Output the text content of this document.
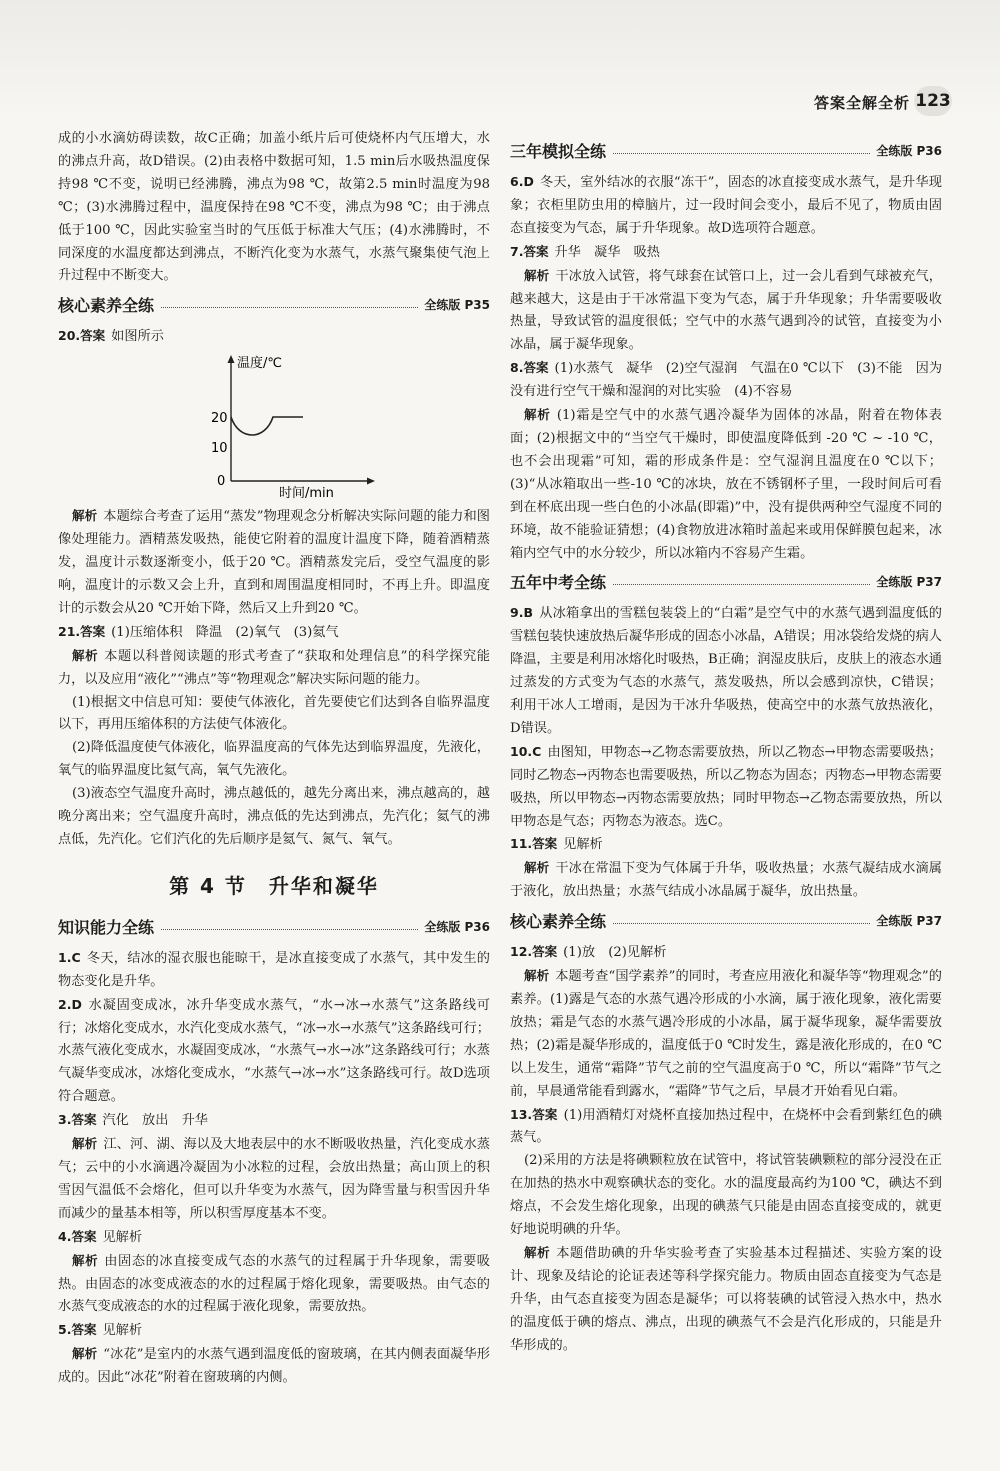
答案全解全析 123

成的小水滴妨碍读数，故C正确；加盖小纸片后可使烧杯内气压增大，水的沸点升高，故D错误。(2)由表格中数据可知，1.5 min后水吸热温度保持98 ℃不变，说明已经沸腾，沸点为98 ℃，故第2.5 min时温度为98 ℃；(3)水沸腾过程中，温度保持在98 ℃不变，沸点为98 ℃；由于沸点低于100 ℃，因此实验室当时的气压低于标准大气压；(4)水沸腾时，不同深度的水温度都达到沸点，不断汽化变为水蒸气，水蒸气聚集使气泡上升过程中不断变大。

核心素养全练	全练版 P35

20.答案 如图所示

温度/℃
20
10
0
时间/min

解析 本题综合考查了运用“蒸发”物理观念分析解决实际问题的能力和图像处理能力。酒精蒸发吸热，能使它附着的温度计温度下降，随着酒精蒸发，温度计示数逐渐变小，低于20 ℃。酒精蒸发完后，受空气温度的影响，温度计的示数又会上升，直到和周围温度相同时，不再上升。即温度计的示数会从20 ℃开始下降，然后又上升到20 ℃。

21.答案 (1)压缩体积　降温　(2)氧气　(3)氦气

解析 本题以科普阅读题的形式考查了“获取和处理信息”的科学探究能力，以及应用“液化”“沸点”等“物理观念”解决实际问题的能力。

(1)根据文中信息可知：要使气体液化，首先要使它们达到各自临界温度以下，再用压缩体积的方法使气体液化。

(2)降低温度使气体液化，临界温度高的气体先达到临界温度，先液化，氧气的临界温度比氦气高，氧气先液化。

(3)液态空气温度升高时，沸点越低的，越先分离出来，沸点越高的，越晚分离出来；空气温度升高时，沸点低的先达到沸点，先汽化；氦气的沸点低，先汽化。它们汽化的先后顺序是氦气、氮气、氧气。

第 4 节　升华和凝华
知识能力全练	全练版 P36

1.C 冬天，结冰的湿衣服也能晾干，是冰直接变成了水蒸气，其中发生的物态变化是升华。

2.D 水凝固变成冰，冰升华变成水蒸气，“水→冰→水蒸气”这条路线可行；冰熔化变成水，水汽化变成水蒸气，“冰→水→水蒸气”这条路线可行；水蒸气液化变成水，水凝固变成冰，“水蒸气→水→冰”这条路线可行；水蒸气凝华变成冰，冰熔化变成水，“水蒸气→冰→水”这条路线可行。故D选项符合题意。

3.答案 汽化　放出　升华

解析 江、河、湖、海以及大地表层中的水不断吸收热量，汽化变成水蒸气；云中的小水滴遇冷凝固为小冰粒的过程，会放出热量；高山顶上的积雪因气温低不会熔化，但可以升华变为水蒸气，因为降雪量与积雪因升华而减少的量基本相等，所以积雪厚度基本不变。

4.答案 见解析

解析 由固态的冰直接变成气态的水蒸气的过程属于升华现象，需要吸热。由固态的冰变成液态的水的过程属于熔化现象，需要吸热。由气态的水蒸气变成液态的水的过程属于液化现象，需要放热。

5.答案 见解析

解析 “冰花”是室内的水蒸气遇到温度低的窗玻璃，在其内侧表面凝华形成的。因此“冰花”附着在窗玻璃的内侧。

三年模拟全练	全练版 P36

6.D 冬天，室外结冰的衣服“冻干”，固态的冰直接变成水蒸气，是升华现象；衣柜里防虫用的樟脑片，过一段时间会变小，最后不见了，物质由固态直接变为气态，属于升华现象。故D选项符合题意。

7.答案 升华　凝华　吸热

解析 干冰放入试管，将气球套在试管口上，过一会儿看到气球被充气，越来越大，这是由于干冰常温下变为气态，属于升华现象；升华需要吸收热量，导致试管的温度很低；空气中的水蒸气遇到冷的试管，直接变为小冰晶，属于凝华现象。

8.答案 (1)水蒸气　凝华　(2)空气湿润　气温在0 ℃以下　(3)不能　因为没有进行空气干燥和湿润的对比实验　(4)不容易

解析 (1)霜是空气中的水蒸气遇冷凝华为固体的冰晶，附着在物体表面；(2)根据文中的“当空气干燥时，即使温度降低到 -20 ℃ ~ -10 ℃，也不会出现霜”可知，霜的形成条件是：空气湿润且温度在0 ℃以下；(3)“从冰箱取出一些-10 ℃的冰块，放在不锈钢杯子里，一段时间后可看到在杯底出现一些白色的小冰晶(即霜)”中，没有提供两种空气湿度不同的环境，故不能验证猜想；(4)食物放进冰箱时盖起来或用保鲜膜包起来，冰箱内空气中的水分较少，所以冰箱内不容易产生霜。

五年中考全练	全练版 P37

9.B 从冰箱拿出的雪糕包装袋上的“白霜”是空气中的水蒸气遇到温度低的雪糕包装快速放热后凝华形成的固态小冰晶，A错误；用冰袋给发烧的病人降温，主要是利用冰熔化时吸热，B正确；润湿皮肤后，皮肤上的液态水通过蒸发的方式变为气态的水蒸气，蒸发吸热，所以会感到凉快，C错误；利用干冰人工增雨，是因为干冰升华吸热，使高空中的水蒸气放热液化，D错误。

10.C 由图知，甲物态→乙物态需要放热，所以乙物态→甲物态需要吸热；同时乙物态→丙物态也需要吸热，所以乙物态为固态；丙物态→甲物态需要吸热，所以甲物态→丙物态需要放热；同时甲物态→乙物态需要放热，所以甲物态是气态；丙物态为液态。选C。

11.答案 见解析

解析 干冰在常温下变为气体属于升华，吸收热量；水蒸气凝结成水滴属于液化，放出热量；水蒸气结成小冰晶属于凝华，放出热量。

核心素养全练	全练版 P37

12.答案 (1)放　(2)见解析

解析 本题考查“国学素养”的同时，考查应用液化和凝华等“物理观念”的素养。(1)露是气态的水蒸气遇冷形成的小水滴，属于液化现象，液化需要放热；霜是气态的水蒸气遇冷形成的小冰晶，属于凝华现象，凝华需要放热；(2)霜是凝华形成的，温度低于0 ℃时发生，露是液化形成的，在0 ℃以上发生，通常“霜降”节气之前的空气温度高于0 ℃，所以“霜降”节气之前，早晨通常能看到露水，“霜降”节气之后，早晨才开始看见白霜。

13.答案 (1)用酒精灯对烧杯直接加热过程中，在烧杯中会看到紫红色的碘蒸气。

(2)采用的方法是将碘颗粒放在试管中，将试管装碘颗粒的部分浸没在正在加热的热水中观察碘状态的变化。水的温度最高约为100 ℃，碘达不到熔点，不会发生熔化现象，出现的碘蒸气只能是由固态直接变成的，就更好地说明碘的升华。

解析 本题借助碘的升华实验考查了实验基本过程描述、实验方案的设计、现象及结论的论证表述等科学探究能力。物质由固态直接变为气态是升华，由气态直接变为固态是凝华；可以将装碘的试管浸入热水中，热水的温度低于碘的熔点、沸点，出现的碘蒸气不会是汽化形成的，只能是升华形成的。
